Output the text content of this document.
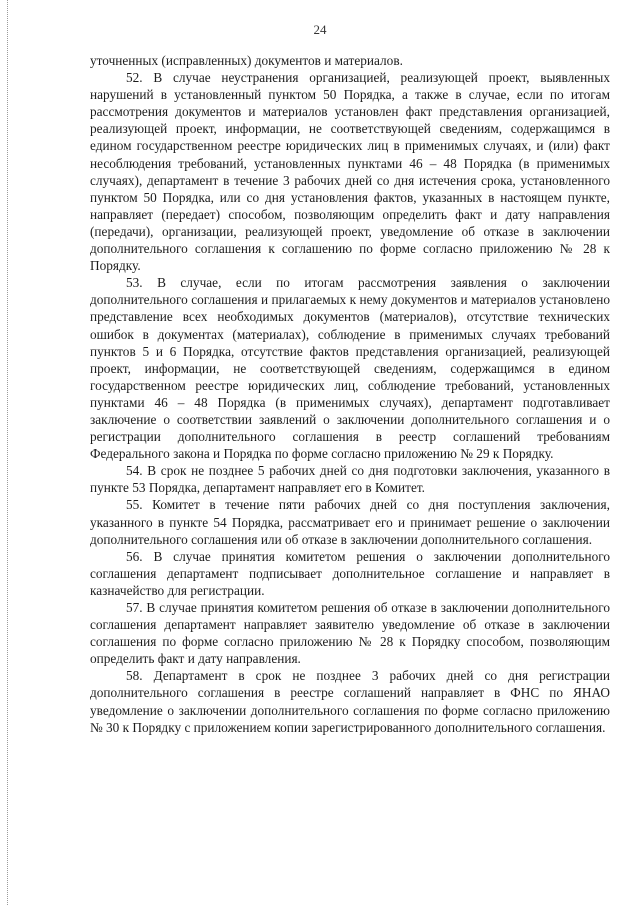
24

уточненных (исправленных) документов и материалов.

52. В случае неустранения организацией, реализующей проект, выявленных нарушений в установленный пунктом 50 Порядка, а также в случае, если по итогам рассмотрения документов и материалов установлен факт представления организацией, реализующей проект, информации, не соответствующей сведениям, содержащимся в едином государственном реестре юридических лиц в применимых случаях, и (или) факт несоблюдения требований, установленных пунктами 46 – 48 Порядка (в применимых случаях), департамент в течение 3 рабочих дней со дня истечения срока, установленного пунктом 50 Порядка, или со дня установления фактов, указанных в настоящем пункте, направляет (передает) способом, позволяющим определить факт и дату направления (передачи), организации, реализующей проект, уведомление об отказе в заключении дополнительного соглашения к соглашению по форме согласно приложению № 28 к Порядку.

53. В случае, если по итогам рассмотрения заявления о заключении дополнительного соглашения и прилагаемых к нему документов и материалов установлено представление всех необходимых документов (материалов), отсутствие технических ошибок в документах (материалах), соблюдение в применимых случаях требований пунктов 5 и 6 Порядка, отсутствие фактов представления организацией, реализующей проект, информации, не соответствующей сведениям, содержащимся в едином государственном реестре юридических лиц, соблюдение требований, установленных пунктами 46 – 48 Порядка (в применимых случаях), департамент подготавливает заключение о соответствии заявлений о заключении дополнительного соглашения и о регистрации дополнительного соглашения в реестр соглашений требованиям Федерального закона и Порядка по форме согласно приложению № 29 к Порядку.

54. В срок не позднее 5 рабочих дней со дня подготовки заключения, указанного в пункте 53 Порядка, департамент направляет его в Комитет.

55. Комитет в течение пяти рабочих дней со дня поступления заключения, указанного в пункте 54 Порядка, рассматривает его и принимает решение о заключении дополнительного соглашения или об отказе в заключении дополнительного соглашения.

56. В случае принятия комитетом решения о заключении дополнительного соглашения департамент подписывает дополнительное соглашение и направляет в казначейство для регистрации.

57. В случае принятия комитетом решения об отказе в заключении дополнительного соглашения департамент направляет заявителю уведомление об отказе в заключении соглашения по форме согласно приложению № 28 к Порядку способом, позволяющим определить факт и дату направления.

58. Департамент в срок не позднее 3 рабочих дней со дня регистрации дополнительного соглашения в реестре соглашений направляет в ФНС по ЯНАО уведомление о заключении дополнительного соглашения по форме согласно приложению № 30 к Порядку с приложением копии зарегистрированного дополнительного соглашения.
